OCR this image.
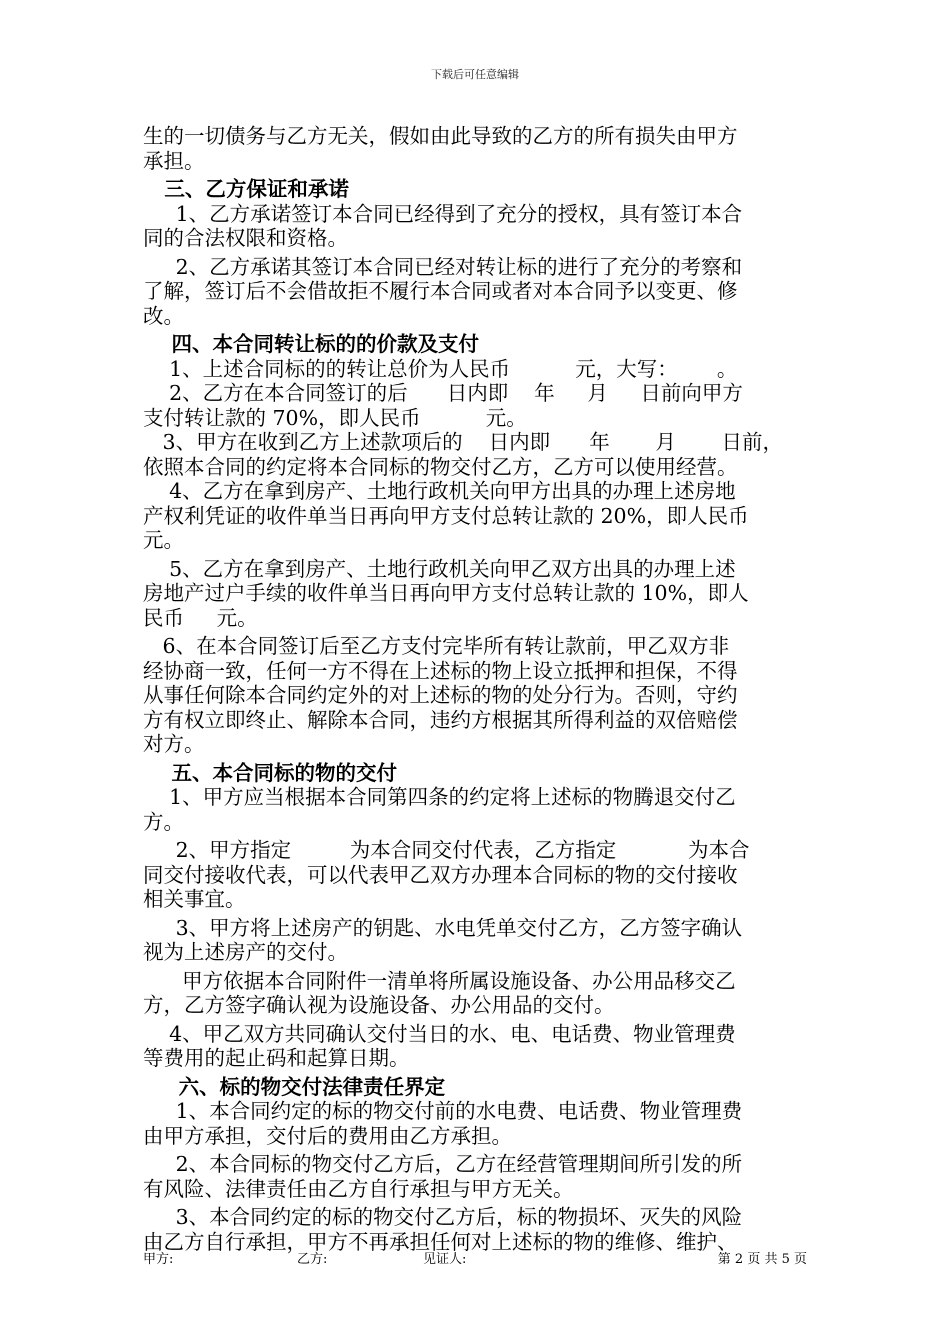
下载后可任意编辑
生的一切债务与乙方无关，假如由此导致的乙方的所有损失由甲方
承担。
三、乙方保证和承诺
1、乙方承诺签订本合同已经得到了充分的授权，具有签订本合
同的合法权限和资格。
2、乙方承诺其签订本合同已经对转让标的进行了充分的考察和
了解，签订后不会借故拒不履行本合同或者对本合同予以变更、修
改。
四、本合同转让标的的价款及支付
1、上述合同标的的转让总价为人民币          元，大写：      。
2、乙方在本合同签订的后      日内即    年     月     日前向甲方
支付转让款的 70%，即人民币          元。
3、甲方在收到乙方上述款项后的    日内即      年       月       日前，
依照本合同的约定将本合同标的物交付乙方，乙方可以使用经营。
4、乙方在拿到房产、土地行政机关向甲方出具的办理上述房地
产权利凭证的收件单当日再向甲方支付总转让款的 20%，即人民币
元。
5、乙方在拿到房产、土地行政机关向甲乙双方出具的办理上述
房地产过户手续的收件单当日再向甲方支付总转让款的 10%，即人
民币     元。
6、在本合同签订后至乙方支付完毕所有转让款前，甲乙双方非
经协商一致，任何一方不得在上述标的物上设立抵押和担保，不得
从事任何除本合同约定外的对上述标的物的处分行为。否则，守约
方有权立即终止、解除本合同，违约方根据其所得利益的双倍赔偿
对方。
五、本合同标的物的交付
1、甲方应当根据本合同第四条的约定将上述标的物腾退交付乙
方。
2、甲方指定         为本合同交付代表，乙方指定           为本合
同交付接收代表，可以代表甲乙双方办理本合同标的物的交付接收
相关事宜。
3、甲方将上述房产的钥匙、水电凭单交付乙方，乙方签字确认
视为上述房产的交付。
甲方依据本合同附件一清单将所属设施设备、办公用品移交乙
方，乙方签字确认视为设施设备、办公用品的交付。
4、甲乙双方共同确认交付当日的水、电、电话费、物业管理费
等费用的起止码和起算日期。
六、标的物交付法律责任界定
1、本合同约定的标的物交付前的水电费、电话费、物业管理费
由甲方承担，交付后的费用由乙方承担。
2、本合同标的物交付乙方后，乙方在经营管理期间所引发的所
有风险、法律责任由乙方自行承担与甲方无关。
3、本合同约定的标的物交付乙方后，标的物损坏、灭失的风险
由乙方自行承担，甲方不再承担任何对上述标的物的维修、维护、
甲方:	乙方:	见证人:	第 2 页 共 5 页
